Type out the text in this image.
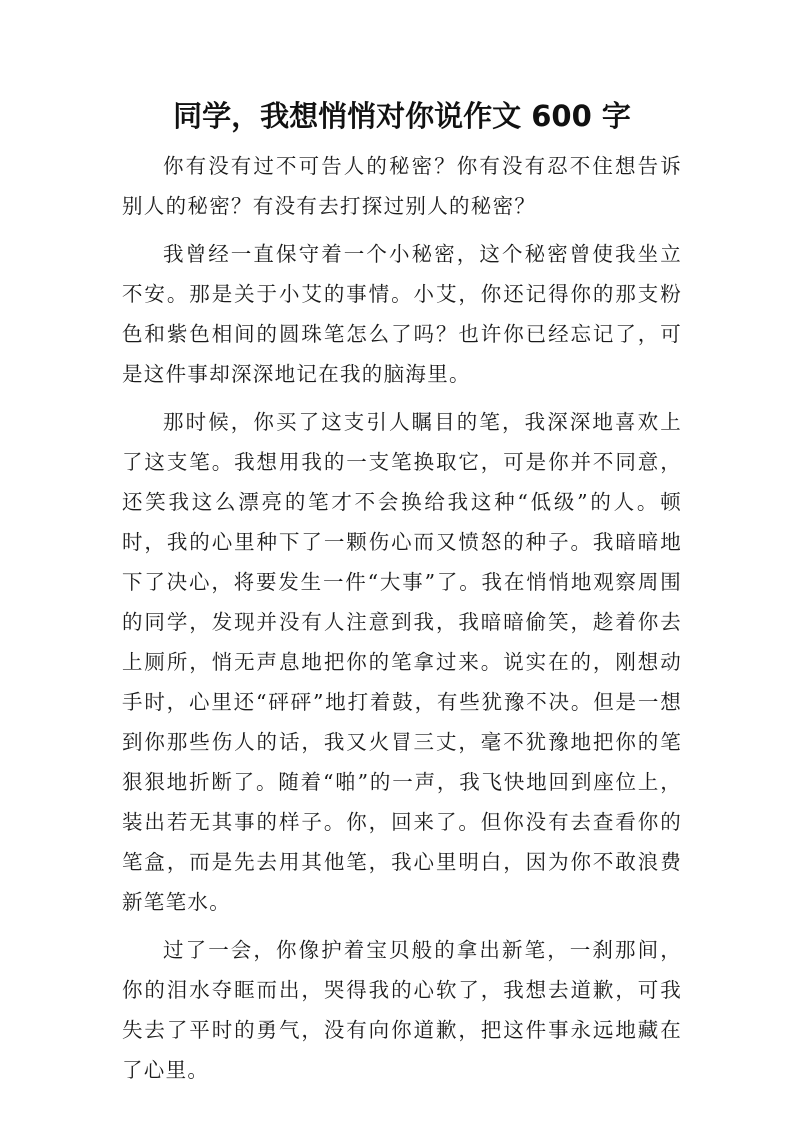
同学，我想悄悄对你说作文 600 字

你有没有过不可告人的秘密？你有没有忍不住想告诉别人的秘密？有没有去打探过别人的秘密？

我曾经一直保守着一个小秘密，这个秘密曾使我坐立不安。那是关于小艾的事情。小艾，你还记得你的那支粉色和紫色相间的圆珠笔怎么了吗？也许你已经忘记了，可是这件事却深深地记在我的脑海里。

那时候，你买了这支引人瞩目的笔，我深深地喜欢上了这支笔。我想用我的一支笔换取它，可是你并不同意，还笑我这么漂亮的笔才不会换给我这种“低级”的人。顿时，我的心里种下了一颗伤心而又愤怒的种子。我暗暗地下了决心，将要发生一件“大事”了。我在悄悄地观察周围的同学，发现并没有人注意到我，我暗暗偷笑，趁着你去上厕所，悄无声息地把你的笔拿过来。说实在的，刚想动手时，心里还“砰砰”地打着鼓，有些犹豫不决。但是一想到你那些伤人的话，我又火冒三丈，毫不犹豫地把你的笔狠狠地折断了。随着“啪”的一声，我飞快地回到座位上，装出若无其事的样子。你，回来了。但你没有去查看你的笔盒，而是先去用其他笔，我心里明白，因为你不敢浪费新笔笔水。

过了一会，你像护着宝贝般的拿出新笔，一刹那间，你的泪水夺眶而出，哭得我的心软了，我想去道歉，可我失去了平时的勇气，没有向你道歉，把这件事永远地藏在了心里。
